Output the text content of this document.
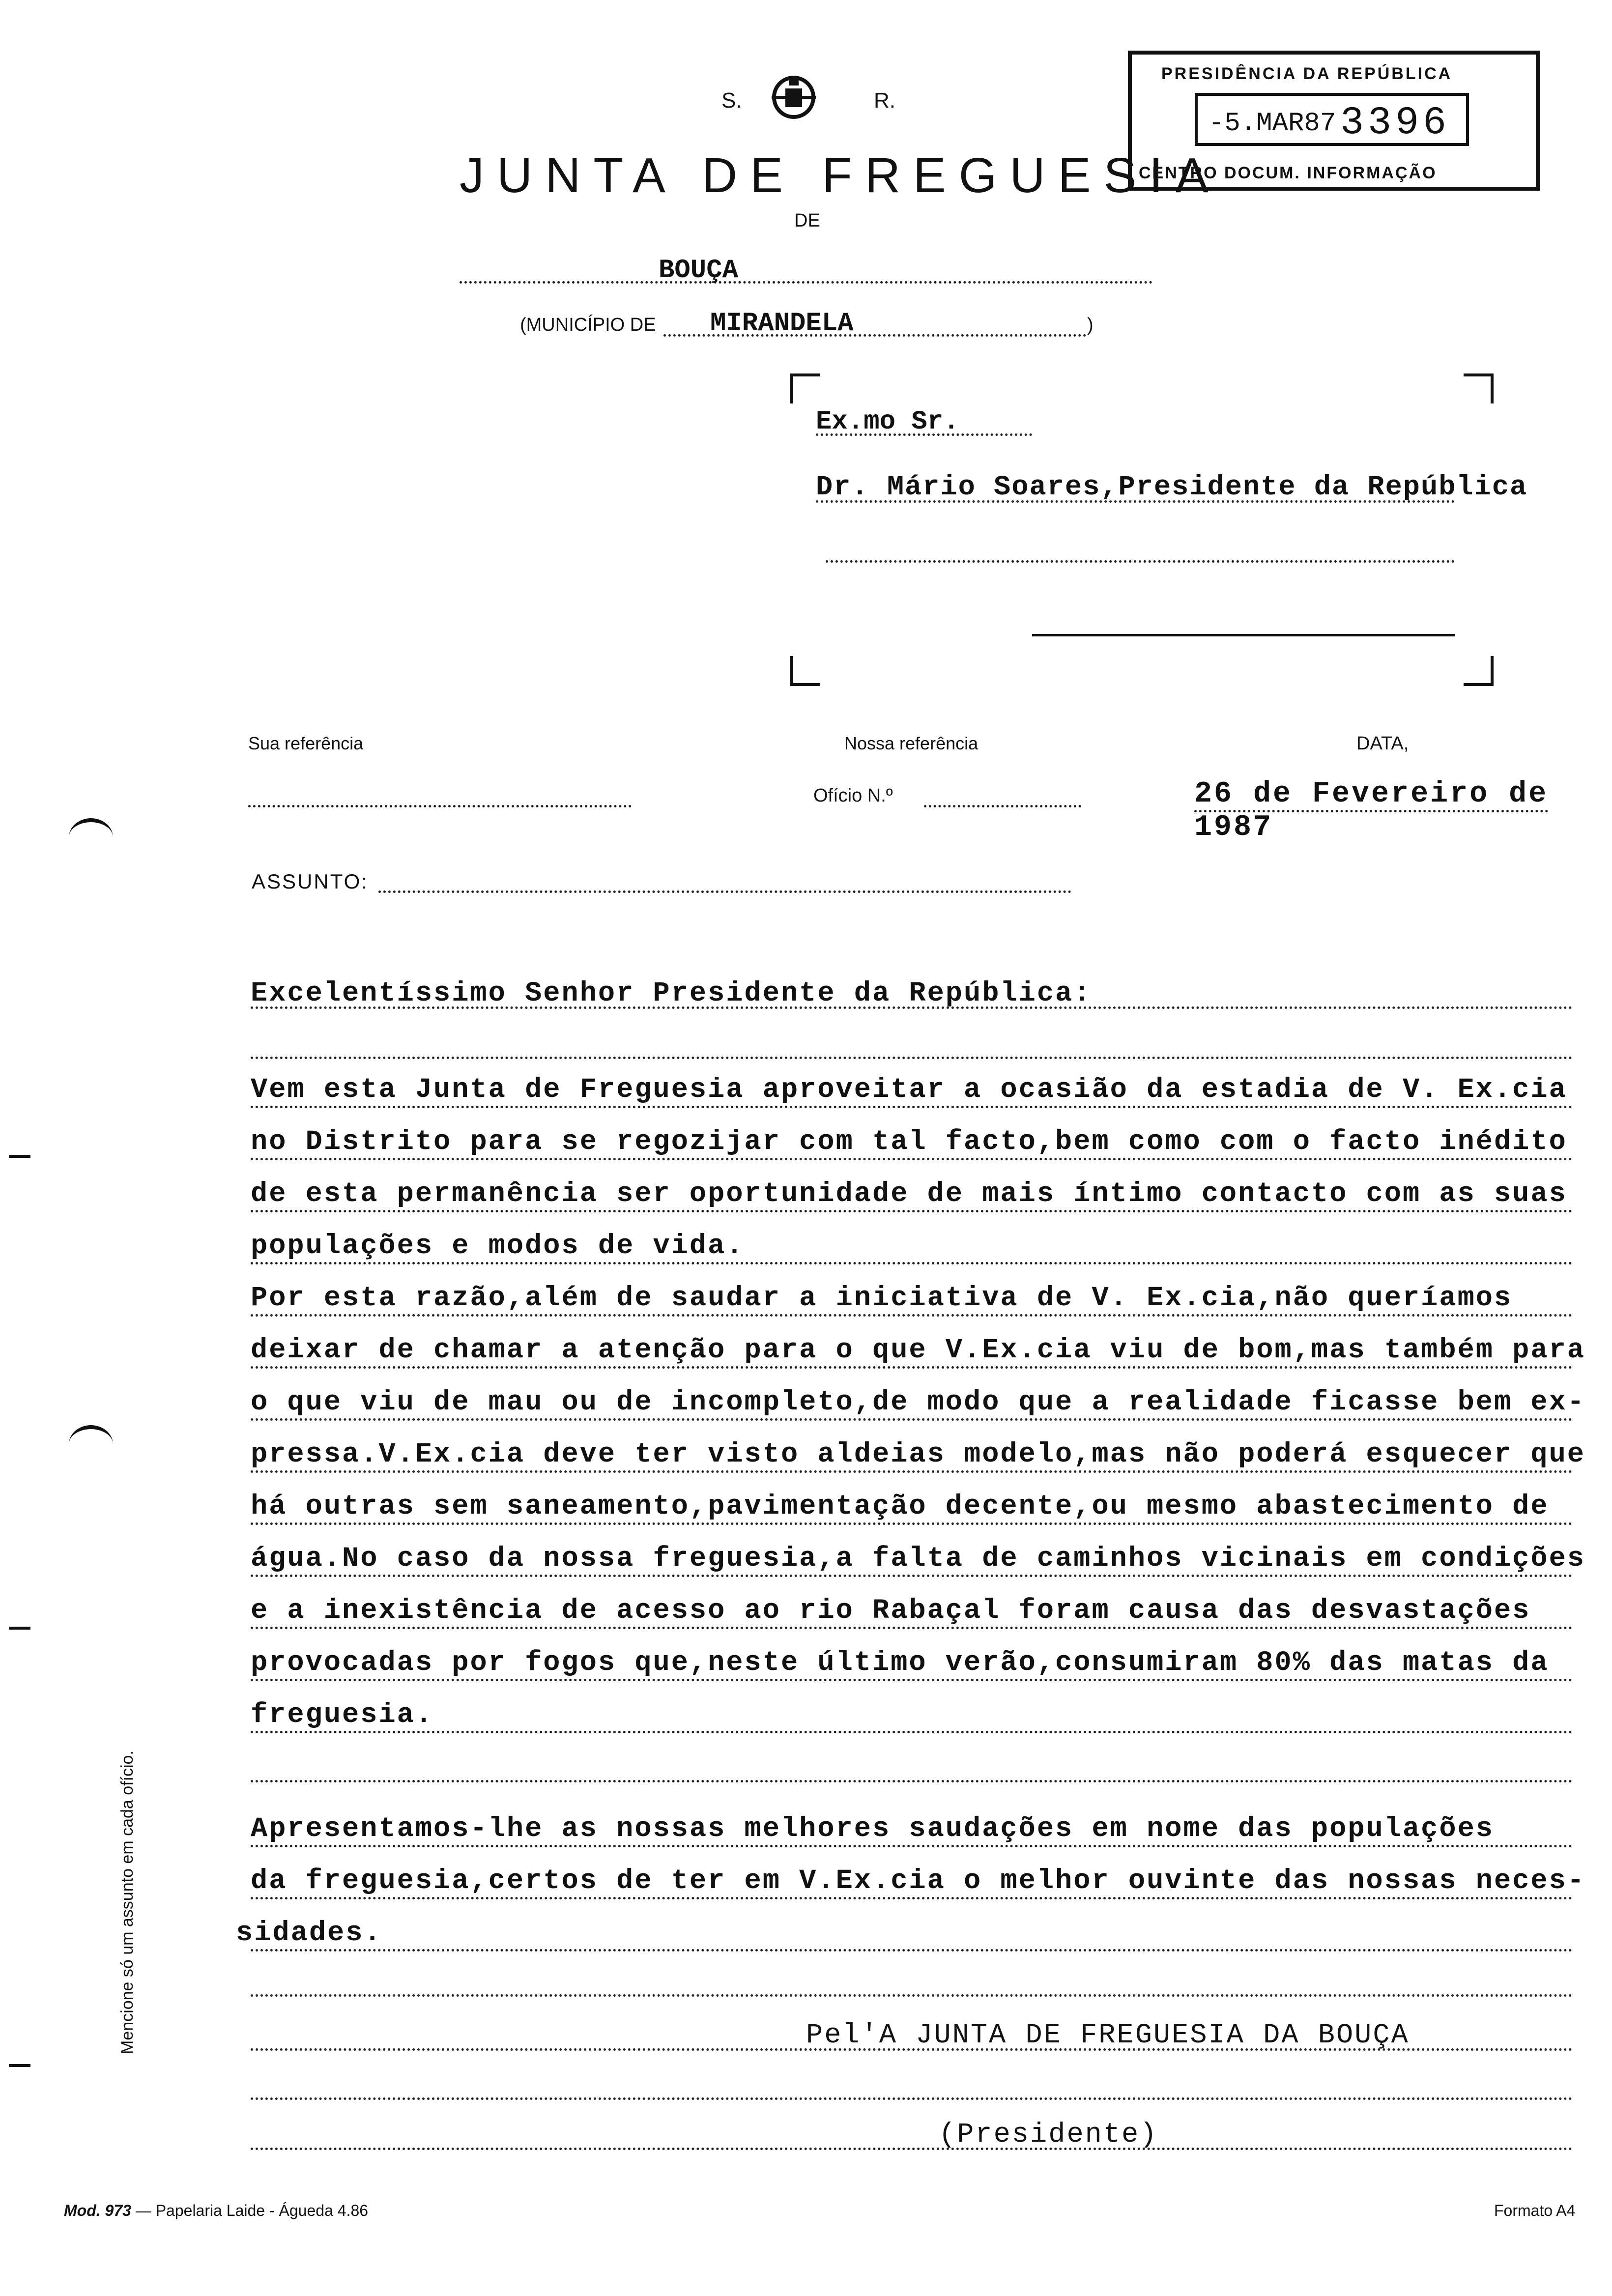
S.	R.
JUNTA DE FREGUESIA
DE
BOUÇA
(MUNICÍPIO DE MIRANDELA	)
PRESIDÊNCIA DA REPÚBLICA
-5.MAR87 3396
CENTRO DOCUM. INFORMAÇÃO
Ex.mo Sr.
Dr. Mário Soares,Presidente da República
Sua referência	Nossa referência	DATA,
Ofício N.º	26 de Fevereiro de 1987
ASSUNTO:
Excelentíssimo Senhor Presidente da República:
Vem esta Junta de Freguesia aproveitar a ocasião da estadia de V. Ex.cia
no Distrito para se regozijar com tal facto,bem como com o facto inédito
de esta permanência ser oportunidade de mais íntimo contacto com as suas
populações e modos de vida.
Por esta razão,além de saudar a iniciativa de V. Ex.cia,não queríamos
deixar de chamar a atenção para o que V.Ex.cia viu de bom,mas também para
o que viu de mau ou de incompleto,de modo que a realidade ficasse bem ex-
pressa.V.Ex.cia deve ter visto aldeias modelo,mas não poderá esquecer que
há outras sem saneamento,pavimentação decente,ou mesmo abastecimento de
água.No caso da nossa freguesia,a falta de caminhos vicinais em condições
e a inexistência de acesso ao rio Rabaçal foram causa das desvastações
provocadas por fogos que,neste último verão,consumiram 80% das matas da
freguesia.
Apresentamos-lhe as nossas melhores saudações em nome das populações
da freguesia,certos de ter em V.Ex.cia o melhor ouvinte das nossas neces-
sidades.
Pel'A JUNTA DE FREGUESIA DA BOUÇA
(Presidente)
Mencione só um assunto em cada ofício.
Mod. 973 — Papelaria Laide - Águeda 4.86	Formato A4
